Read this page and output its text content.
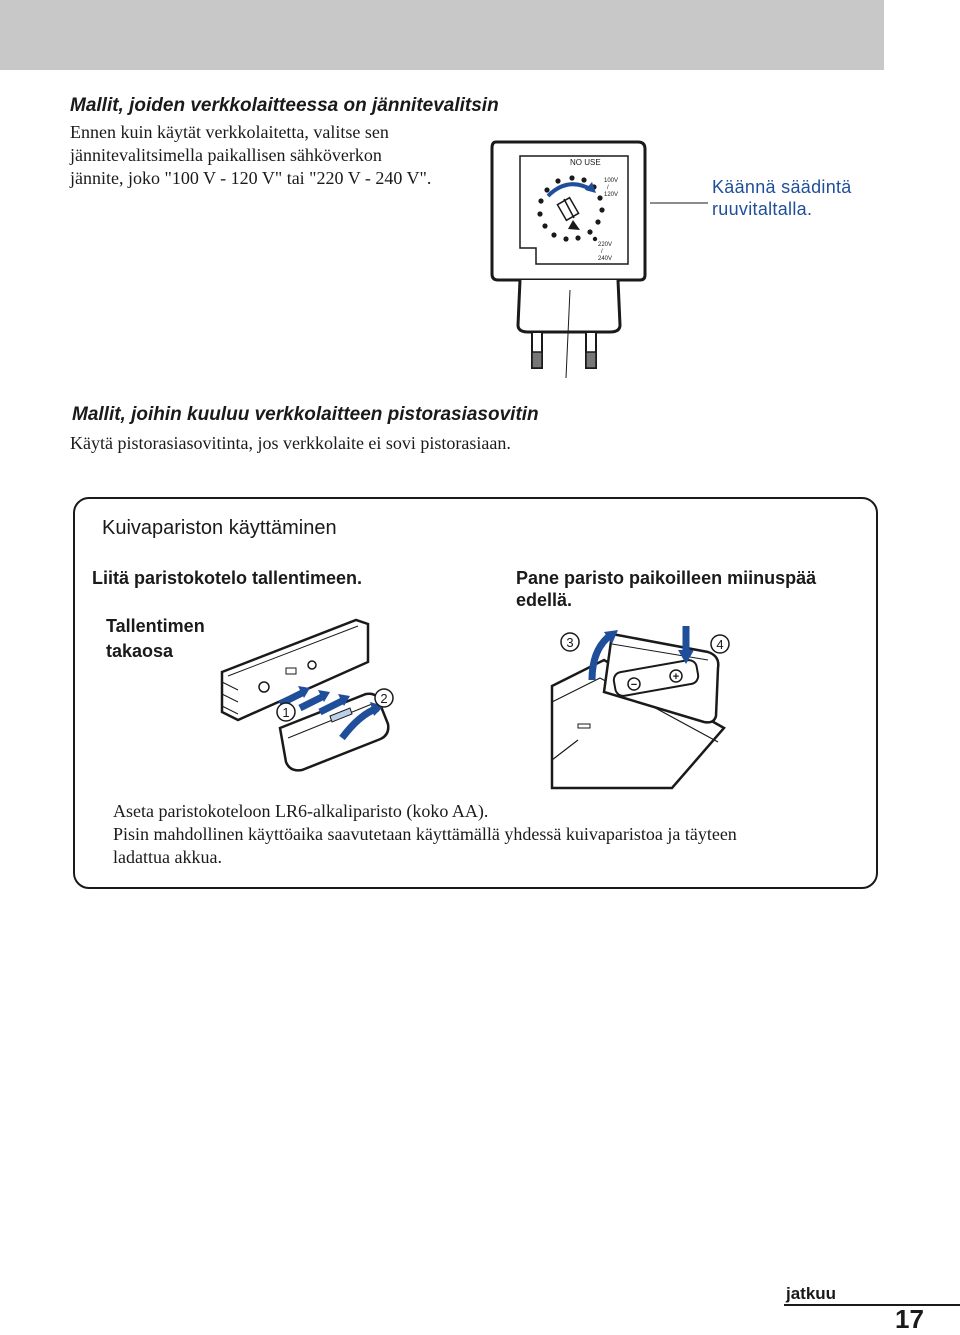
Mallit, joiden verkkolaitteessa on jännitevalitsin
Ennen kuin käytät verkkolaitetta, valitse sen
jännitevalitsimella paikallisen sähköverkon
jännite, joko "100 V - 120 V" tai "220 V - 240 V".
NO USE
100V
/
120V
220V
/
240V
Käännä säädintä
ruuvitaltalla.
Mallit, joihin kuuluu verkkolaitteen pistorasiasovitin
Käytä pistorasiasovitinta, jos verkkolaite ei sovi pistorasiaan.
Kuivapariston käyttäminen
Liitä paristokotelo tallentimeen.
Tallentimen
takaosa
Pane paristo paikoilleen miinuspää
edellä.
1
2
−
+
3	4
Aseta paristokoteloon LR6-alkaliparisto (koko AA).
Pisin mahdollinen käyttöaika saavutetaan käyttämällä yhdessä kuivaparistoa ja täyteen
ladattua akkua.
jatkuu
17
